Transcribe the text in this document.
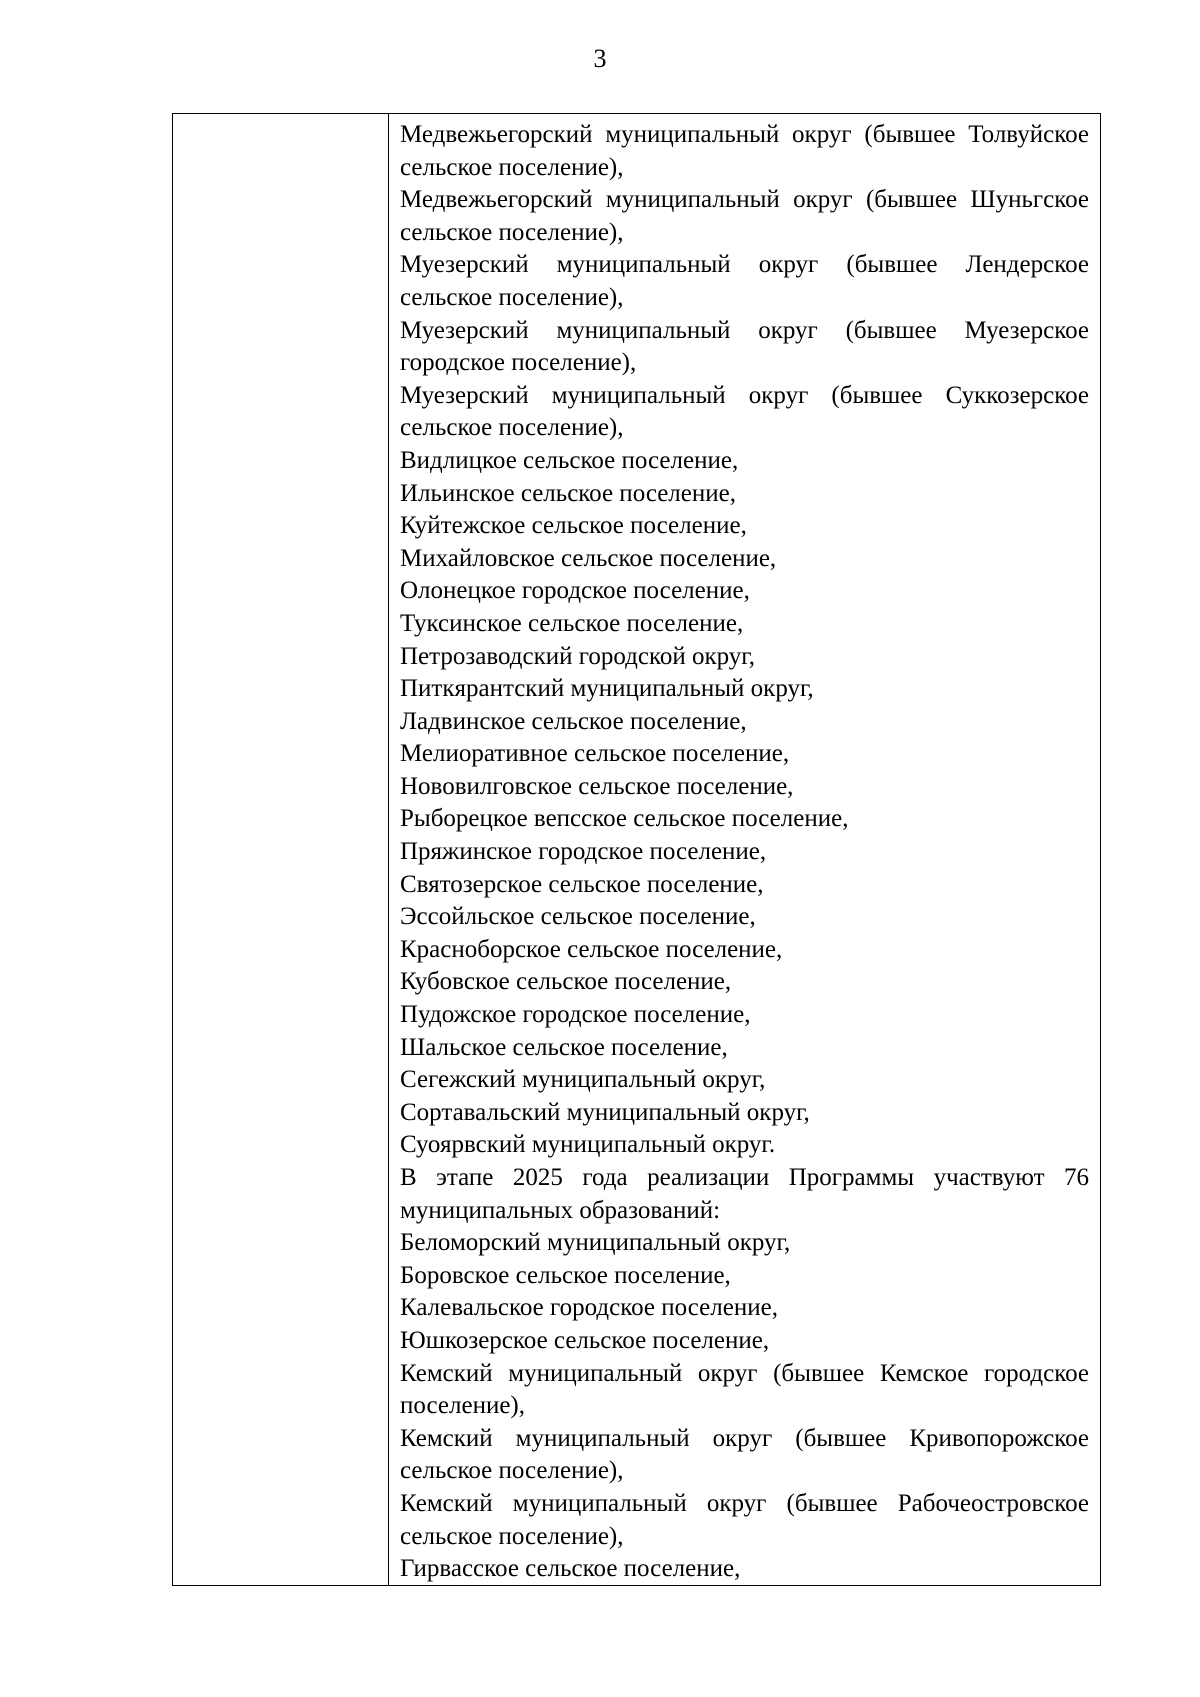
3

Медвежьегорский муниципальный округ (бывшее Толвуйское сельское поселение),

Медвежьегорский муниципальный округ (бывшее Шуньгское сельское поселение),

Муезерский муниципальный округ (бывшее Лендерское сельское поселение),

Муезерский муниципальный округ (бывшее Муезерское городское поселение),

Муезерский муниципальный округ (бывшее Суккозерское сельское поселение),

Видлицкое сельское поселение,

Ильинское сельское поселение,

Куйтежское сельское поселение,

Михайловское сельское поселение,

Олонецкое городское поселение,

Туксинское сельское поселение,

Петрозаводский городской округ,

Питкярантский муниципальный округ,

Ладвинское сельское поселение,

Мелиоративное сельское поселение,

Нововилговское сельское поселение,

Рыборецкое вепсское сельское поселение,

Пряжинское городское поселение,

Святозерское сельское поселение,

Эссойльское сельское поселение,

Красноборское сельское поселение,

Кубовское сельское поселение,

Пудожское городское поселение,

Шальское сельское поселение,

Сегежский муниципальный округ,

Сортавальский муниципальный округ,

Суоярвский муниципальный округ.

В этапе 2025 года реализации Программы участвуют 76 муниципальных образований:

Беломорский муниципальный округ,

Боровское сельское поселение,

Калевальское городское поселение,

Юшкозерское сельское поселение,

Кемский муниципальный округ (бывшее Кемское городское поселение),

Кемский муниципальный округ (бывшее Кривопорожское сельское поселение),

Кемский муниципальный округ (бывшее Рабочеостровское сельское поселение),

Гирвасское сельское поселение,
